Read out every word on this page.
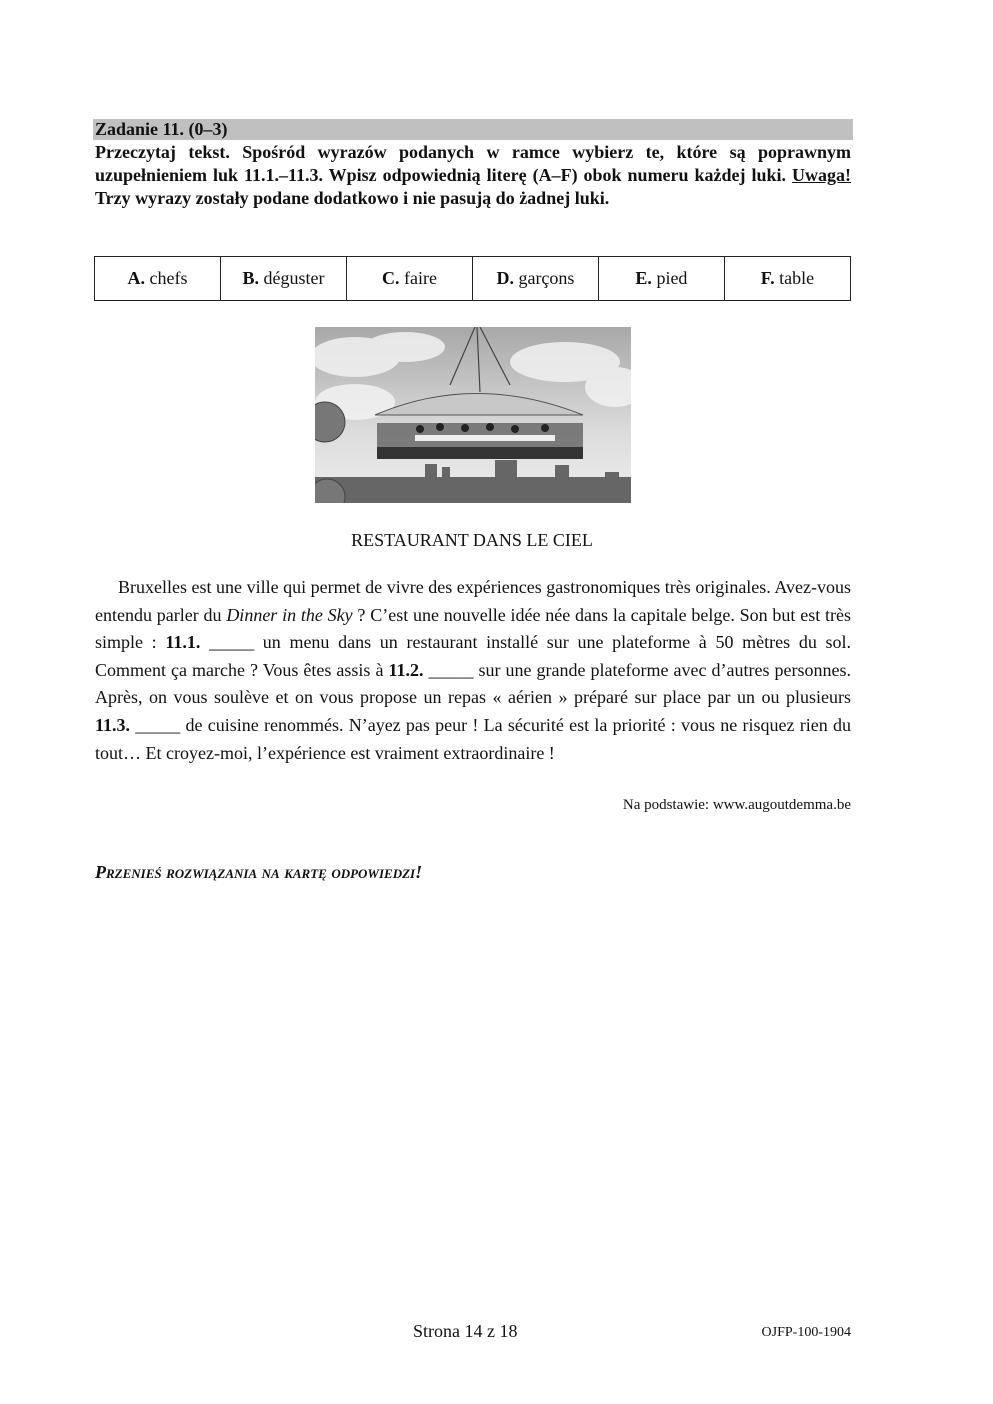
Zadanie 11. (0–3)
Przeczytaj tekst. Spośród wyrazów podanych w ramce wybierz te, które są poprawnym uzupełnieniem luk 11.1.–11.3. Wpisz odpowiednią literę (A–F) obok numeru każdej luki. Uwaga! Trzy wyrazy zostały podane dodatkowo i nie pasują do żadnej luki.
A. chefs	B. déguster	C. faire	D. garçons	E. pied	F. table
RESTAURANT DANS LE CIEL
Bruxelles est une ville qui permet de vivre des expériences gastronomiques très originales. Avez-vous entendu parler du Dinner in the Sky ? C’est une nouvelle idée née dans la capitale belge. Son but est très simple : 11.1. _____ un menu dans un restaurant installé sur une plateforme à 50 mètres du sol. Comment ça marche ? Vous êtes assis à 11.2. _____ sur une grande plateforme avec d’autres personnes. Après, on vous soulève et on vous propose un repas « aérien » préparé sur place par un ou plusieurs 11.3. _____ de cuisine renommés. N’ayez pas peur ! La sécurité est la priorité : vous ne risquez rien du tout… Et croyez-moi, l’expérience est vraiment extraordinaire !
Na podstawie: www.augoutdemma.be
Przenieś rozwiązania na kartę odpowiedzi!
Strona 14 z 18	OJFP-100-1904
